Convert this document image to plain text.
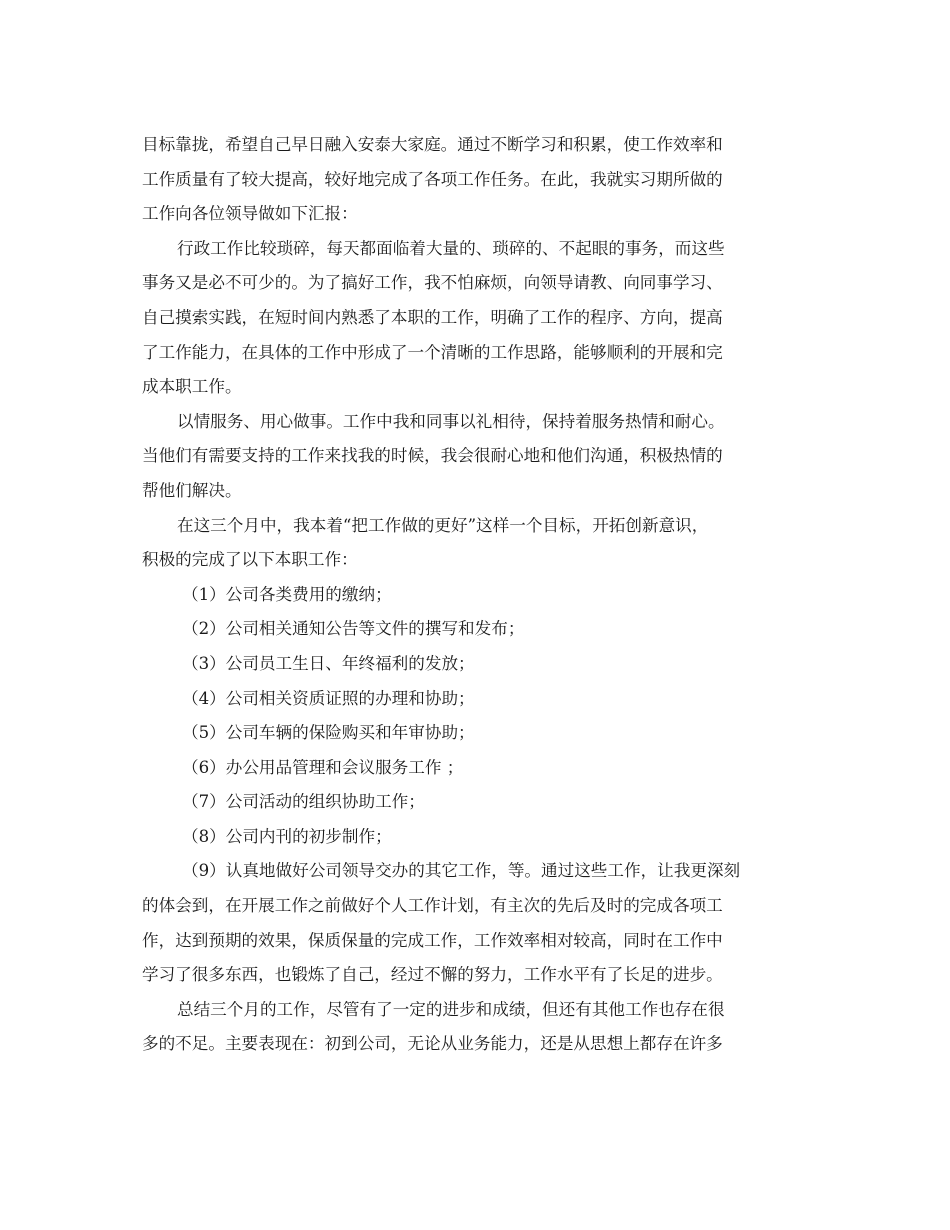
目标靠拢，希望自己早日融入安泰大家庭。通过不断学习和积累，使工作效率和
工作质量有了较大提高，较好地完成了各项工作任务。在此，我就实习期所做的
工作向各位领导做如下汇报：
行政工作比较琐碎，每天都面临着大量的、琐碎的、不起眼的事务，而这些
事务又是必不可少的。为了搞好工作，我不怕麻烦，向领导请教、向同事学习、
自己摸索实践，在短时间内熟悉了本职的工作，明确了工作的程序、方向，提高
了工作能力，在具体的工作中形成了一个清晰的工作思路，能够顺利的开展和完
成本职工作。
以情服务、用心做事。工作中我和同事以礼相待，保持着服务热情和耐心。
当他们有需要支持的工作来找我的时候，我会很耐心地和他们沟通，积极热情的
帮他们解决。
在这三个月中，我本着“把工作做的更好”这样一个目标，开拓创新意识，
积极的完成了以下本职工作：
（1）公司各类费用的缴纳；
（2）公司相关通知公告等文件的撰写和发布；
（3）公司员工生日、年终福利的发放；
（4）公司相关资质证照的办理和协助；
（5）公司车辆的保险购买和年审协助；
（6）办公用品管理和会议服务工作 ；
（7）公司活动的组织协助工作；
（8）公司内刊的初步制作；
（9）认真地做好公司领导交办的其它工作，等。通过这些工作，让我更深刻
的体会到，在开展工作之前做好个人工作计划，有主次的先后及时的完成各项工
作，达到预期的效果，保质保量的完成工作，工作效率相对较高，同时在工作中
学习了很多东西，也锻炼了自己，经过不懈的努力，工作水平有了长足的进步。
总结三个月的工作，尽管有了一定的进步和成绩，但还有其他工作也存在很
多的不足。主要表现在：初到公司，无论从业务能力，还是从思想上都存在许多
